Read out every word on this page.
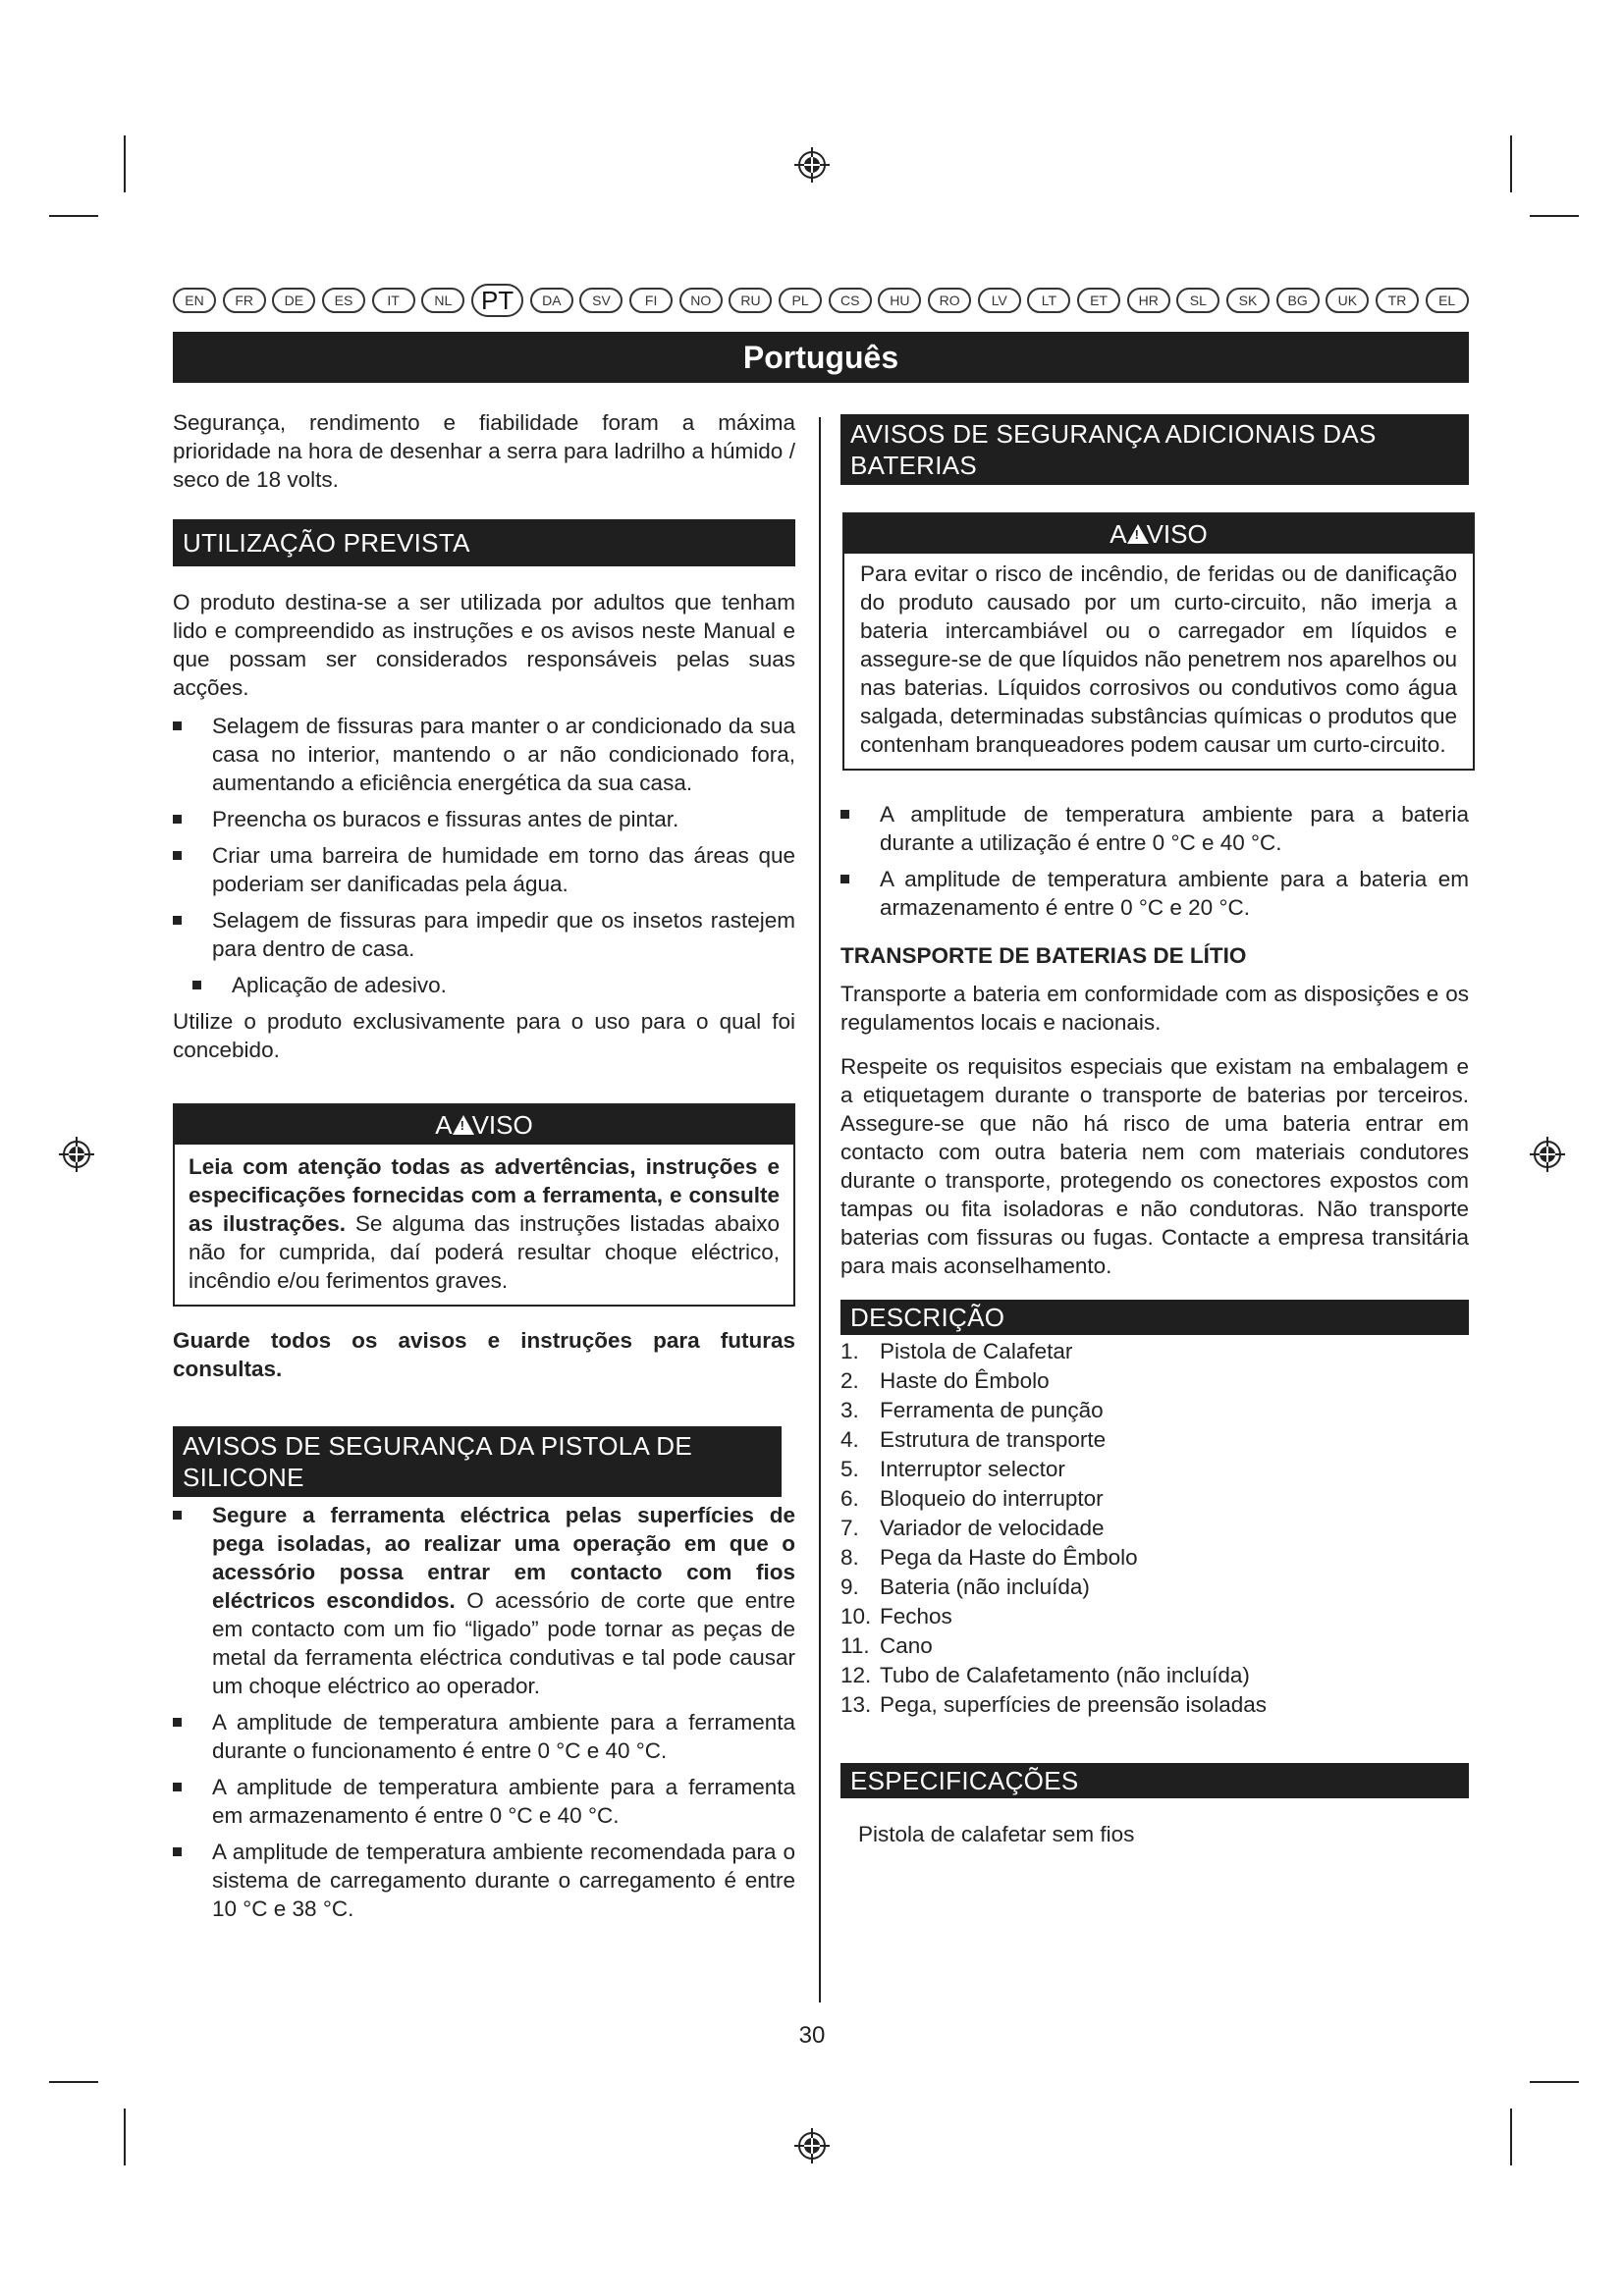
EN	FR	DE	ES	IT	NL	PT	DA	SV	FI	NO	RU	PL	CS	HU	RO	LV	LT	ET	HR	SL	SK	BG	UK	TR	EL
Português

Segurança, rendimento e fiabilidade foram a máxima prioridade na hora de desenhar a serra para ladrilho a húmido / seco de 18 volts.

UTILIZAÇÃO PREVISTA

O produto destina-se a ser utilizada por adultos que tenham lido e compreendido as instruções e os avisos neste Manual e que possam ser considerados responsáveis pelas suas acções.

Selagem de fissuras para manter o ar condicionado da sua casa no interior, mantendo o ar não condicionado fora, aumentando a eficiência energética da sua casa.
Preencha os buracos e fissuras antes de pintar.
Criar uma barreira de humidade em torno das áreas que poderiam ser danificadas pela água.
Selagem de fissuras para impedir que os insetos rastejem para dentro de casa.
Aplicação de adesivo.

Utilize o produto exclusivamente para o uso para o qual foi concebido.

A ! VISO
Leia com atenção todas as advertências, instruções e especificações fornecidas com a ferramenta, e consulte as ilustrações. Se alguma das instruções listadas abaixo não for cumprida, daí poderá resultar choque eléctrico, incêndio e/ou ferimentos graves.

Guarde todos os avisos e instruções para futuras consultas.

AVISOS DE SEGURANÇA DA PISTOLA DE SILICONE
Segure a ferramenta eléctrica pelas superfícies de pega isoladas, ao realizar uma operação em que o acessório possa entrar em contacto com fios eléctricos escondidos. O acessório de corte que entre em contacto com um fio “ligado” pode tornar as peças de metal da ferramenta eléctrica condutivas e tal pode causar um choque eléctrico ao operador.
A amplitude de temperatura ambiente para a ferramenta durante o funcionamento é entre 0 °C e 40 °C.
A amplitude de temperatura ambiente para a ferramenta em armazenamento é entre 0 °C e 40 °C.
A amplitude de temperatura ambiente recomendada para o sistema de carregamento durante o carregamento é entre 10 °C e 38 °C.
AVISOS DE SEGURANÇA ADICIONAIS DAS BATERIAS
A ! VISO
Para evitar o risco de incêndio, de feridas ou de danificação do produto causado por um curto-circuito, não imerja a bateria intercambiável ou o carregador em líquidos e assegure-se de que líquidos não penetrem nos aparelhos ou nas baterias. Líquidos corrosivos ou condutivos como água salgada, determinadas substâncias químicas o produtos que contenham branqueadores podem causar um curto-circuito.
A amplitude de temperatura ambiente para a bateria durante a utilização é entre 0 °C e 40 °C.
A amplitude de temperatura ambiente para a bateria em armazenamento é entre 0 °C e 20 °C.

TRANSPORTE DE BATERIAS DE LÍTIO

Transporte a bateria em conformidade com as disposições e os regulamentos locais e nacionais.

Respeite os requisitos especiais que existam na embalagem e a etiquetagem durante o transporte de baterias por terceiros. Assegure-se que não há risco de uma bateria entrar em contacto com outra bateria nem com materiais condutores durante o transporte, protegendo os conectores expostos com tampas ou fita isoladoras e não condutoras. Não transporte baterias com fissuras ou fugas. Contacte a empresa transitária para mais aconselhamento.

DESCRIÇÃO
1. Pistola de Calafetar
2. Haste do Êmbolo
3. Ferramenta de punção
4. Estrutura de transporte
5. Interruptor selector
6. Bloqueio do interruptor
7. Variador de velocidade
8. Pega da Haste do Êmbolo
9. Bateria (não incluída)
10. Fechos
11. Cano
12. Tubo de Calafetamento (não incluída)
13. Pega, superfícies de preensão isoladas
ESPECIFICAÇÕES

Pistola de calafetar sem fios

30
